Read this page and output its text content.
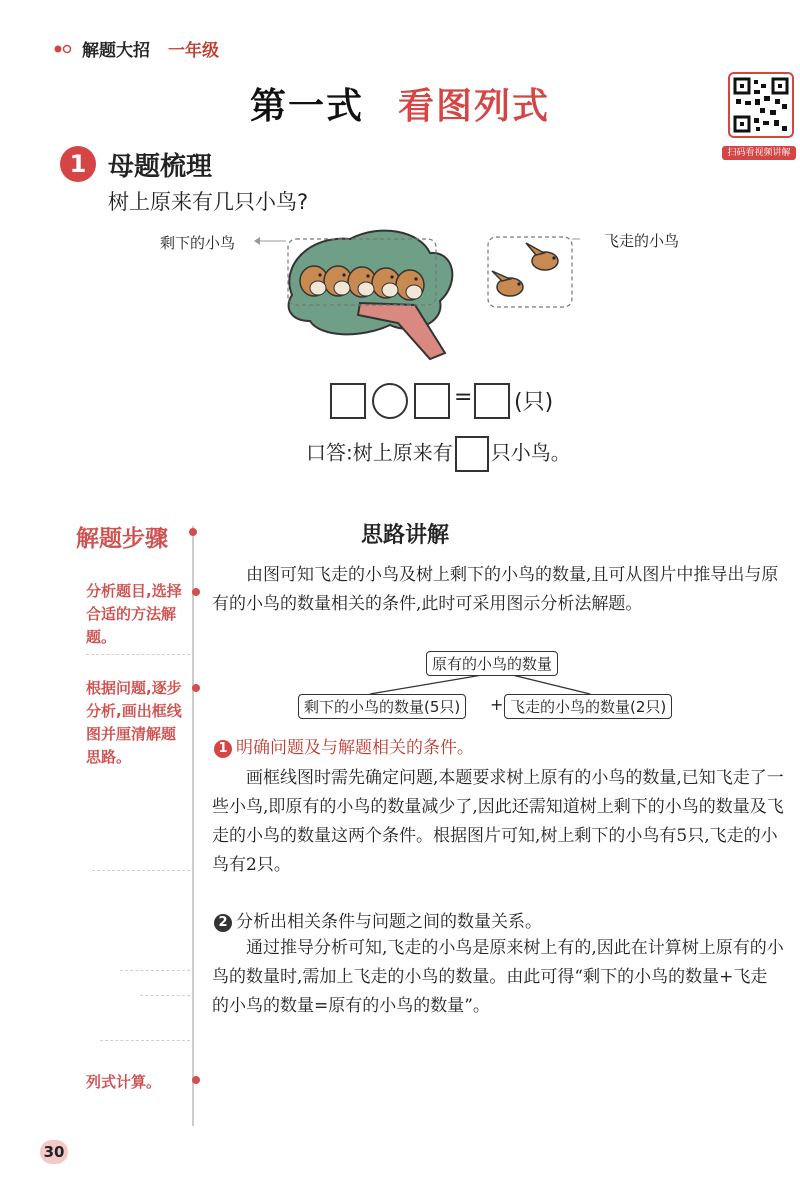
解题大招 一年级
第一式 看图列式
扫码看视频讲解
1 母题梳理
树上原来有几只小鸟?
剩下的小鸟	飞走的小鸟
= (只)
口答:树上原来有 只小鸟。
解题步骤
分析题目,选择合适的方法解题。
根据问题,逐步分析,画出框线图并厘清解题思路。
列式计算。
思路讲解
由图可知飞走的小鸟及树上剩下的小鸟的数量,且可从图片中推导出与原有的小鸟的数量相关的条件,此时可采用图示分析法解题。
原有的小鸟的数量
剩下的小鸟的数量(5只)	+ 飞走的小鸟的数量(2只)
1 明确问题及与解题相关的条件。
画框线图时需先确定问题,本题要求树上原有的小鸟的数量,已知飞走了一些小鸟,即原有的小鸟的数量减少了,因此还需知道树上剩下的小鸟的数量及飞走的小鸟的数量这两个条件。根据图片可知,树上剩下的小鸟有5只,飞走的小鸟有2只。
2 分析出相关条件与问题之间的数量关系。
通过推导分析可知,飞走的小鸟是原来树上有的,因此在计算树上原有的小鸟的数量时,需加上飞走的小鸟的数量。由此可得“剩下的小鸟的数量+飞走的小鸟的数量=原有的小鸟的数量”。
30
